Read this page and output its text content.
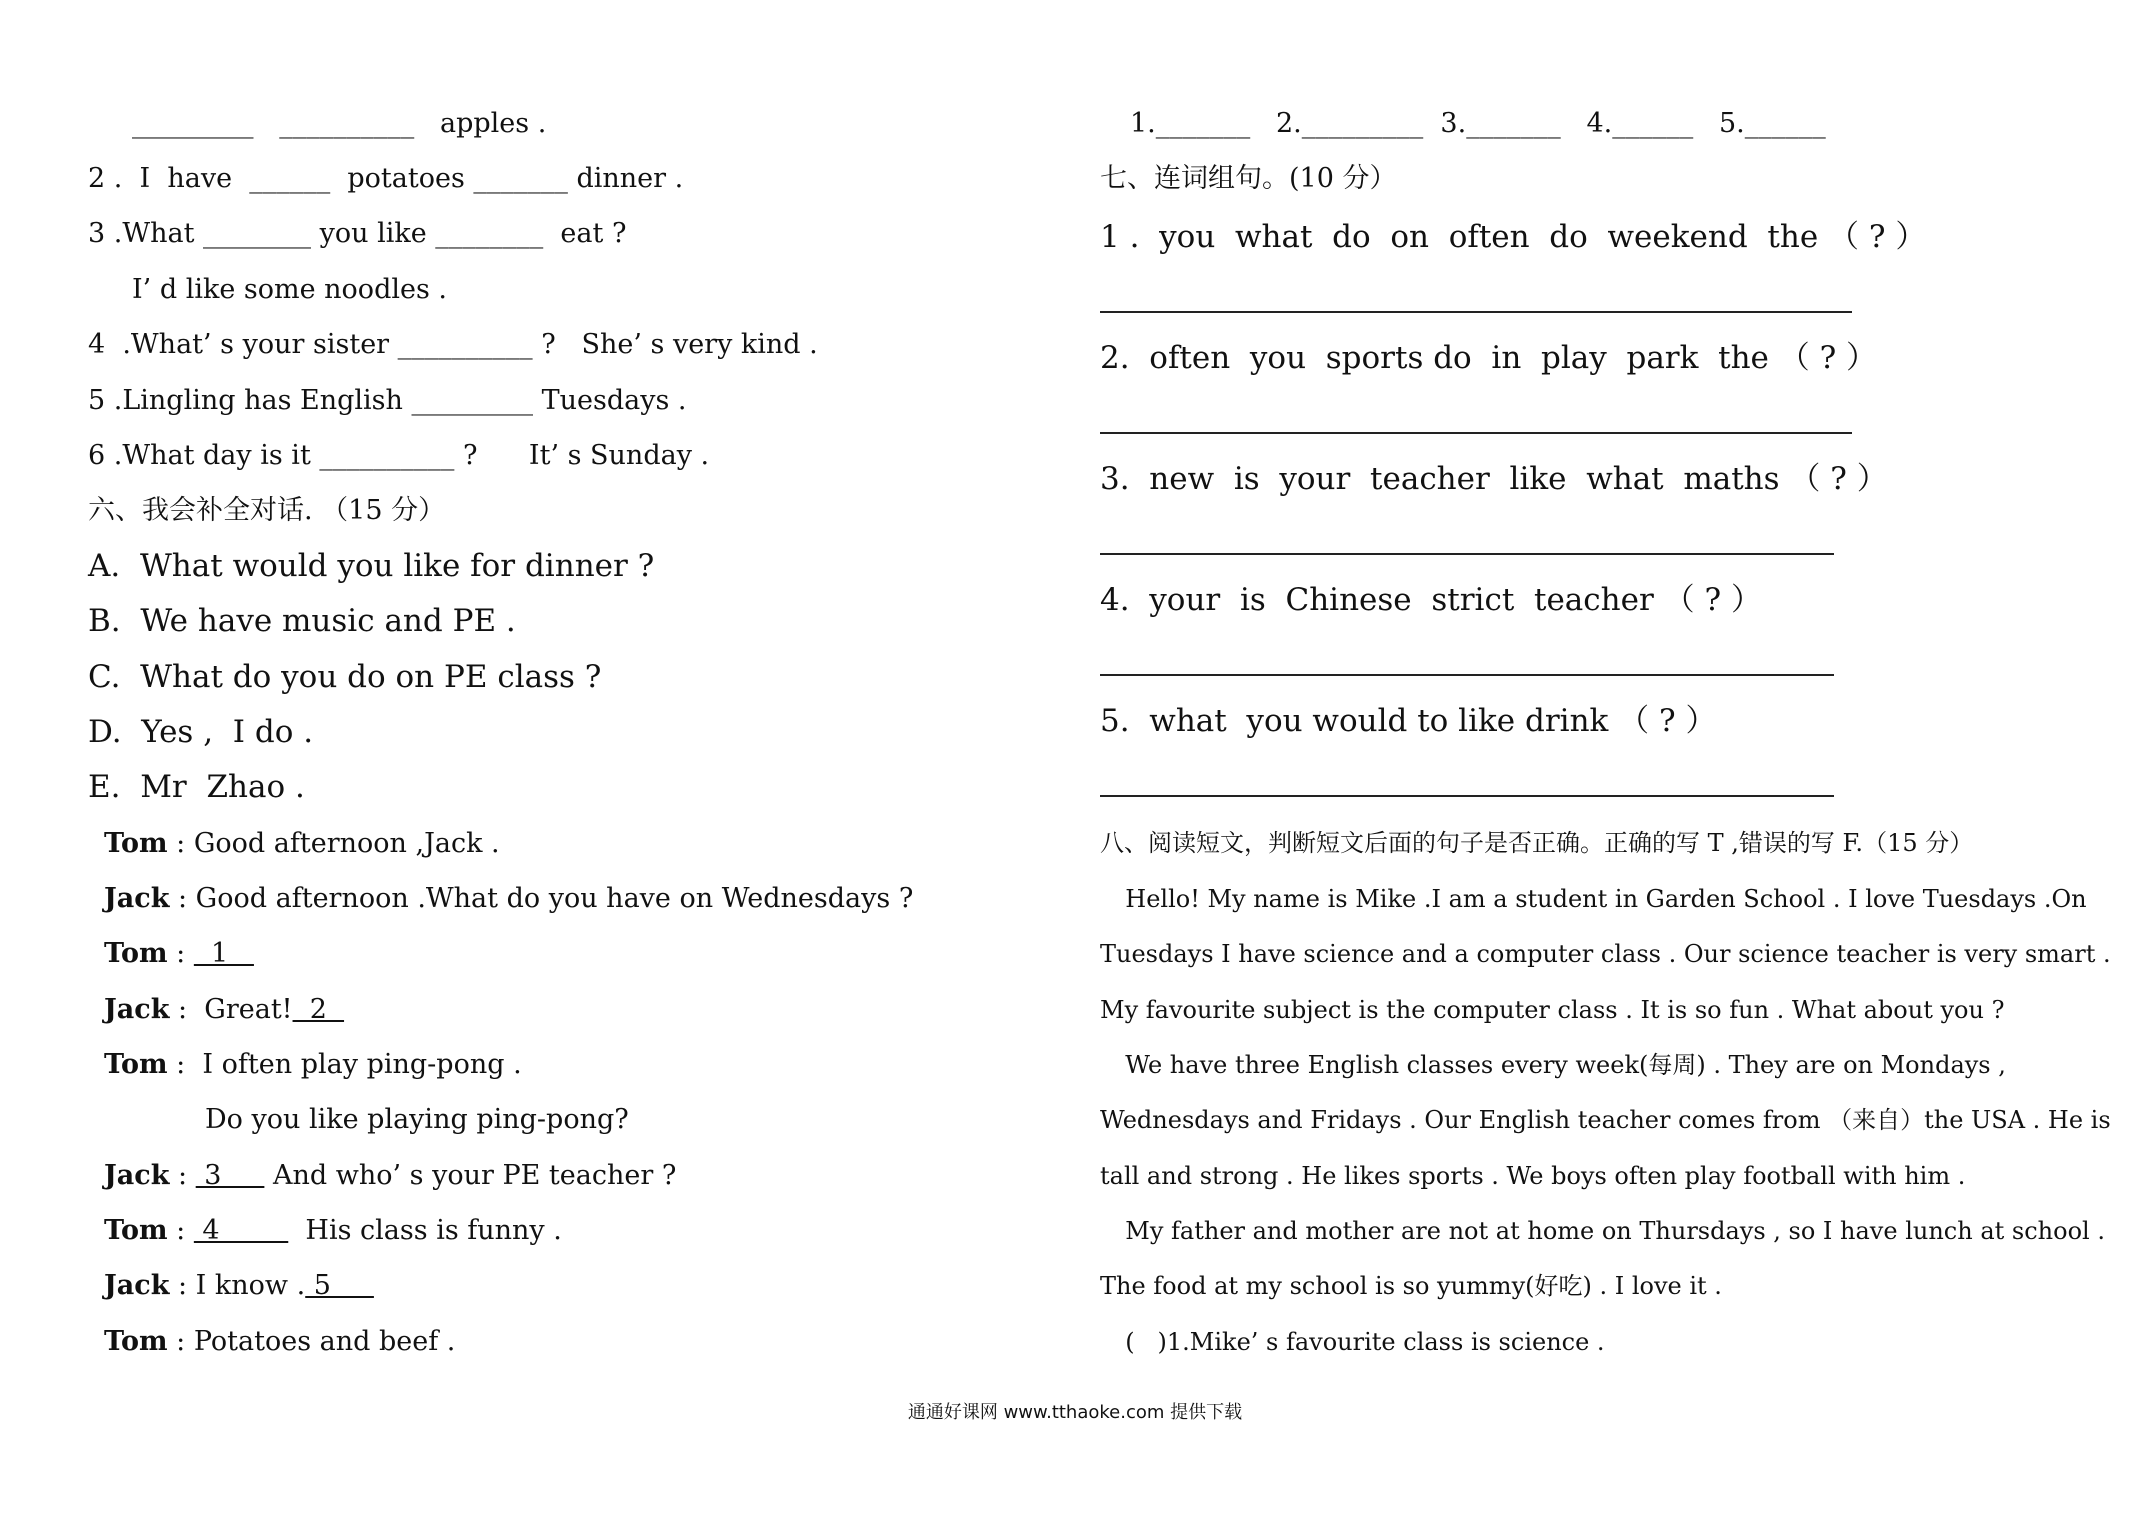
_________   __________   apples .
2 .  I  have  ______  potatoes _______ dinner .
3 .What ________ you like ________  eat ?
I’ d like some noodles .
4  .What’ s your sister __________ ?   She’ s very kind .
5 .Lingling has English _________ Tuesdays .
6 .What day is it __________ ?      It’ s Sunday .
六、我会补全对话. （15 分）
A.  What would you like for dinner ?
B.  We have music and PE .
C.  What do you do on PE class ?
D.  Yes ,  I do .
E.  Mr  Zhao .
Tom : Good afternoon ,Jack .
Jack : Good afternoon .What do you have on Wednesdays ?
Tom :   1
Jack :  Great!  2
Tom :  I often play ping-pong .
Do you like playing ping-pong?
Jack :  3      And who’ s your PE teacher ?
Tom :  4          His class is funny .
Jack : I know . 5
Tom : Potatoes and beef .
1._______   2._________  3._______   4.______   5.______
七、连词组句。(10 分）
1 .  you  what  do  on  often  do  weekend  the （ ? ）
2.  often  you  sports do  in  play  park  the （ ? ）
3.  new  is  your  teacher  like  what  maths （ ? ）
4.  your  is  Chinese  strict  teacher （ ? ）
5.  what  you would to like drink （ ? ）
八、阅读短文，判断短文后面的句子是否正确。正确的写 T ,错误的写 F.（15 分）
Hello! My name is Mike .I am a student in Garden School . I love Tuesdays .On
Tuesdays I have science and a computer class . Our science teacher is very smart .
My favourite subject is the computer class . It is so fun . What about you ?
We have three English classes every week(每周) . They are on Mondays ,
Wednesdays and Fridays . Our English teacher comes from （来自）the USA . He is
tall and strong . He likes sports . We boys often play football with him .
My father and mother are not at home on Thursdays , so I have lunch at school .
The food at my school is so yummy(好吃) . I love it .
(   )1.Mike’ s favourite class is science .
通通好课网 www.tthaoke.com 提供下载
